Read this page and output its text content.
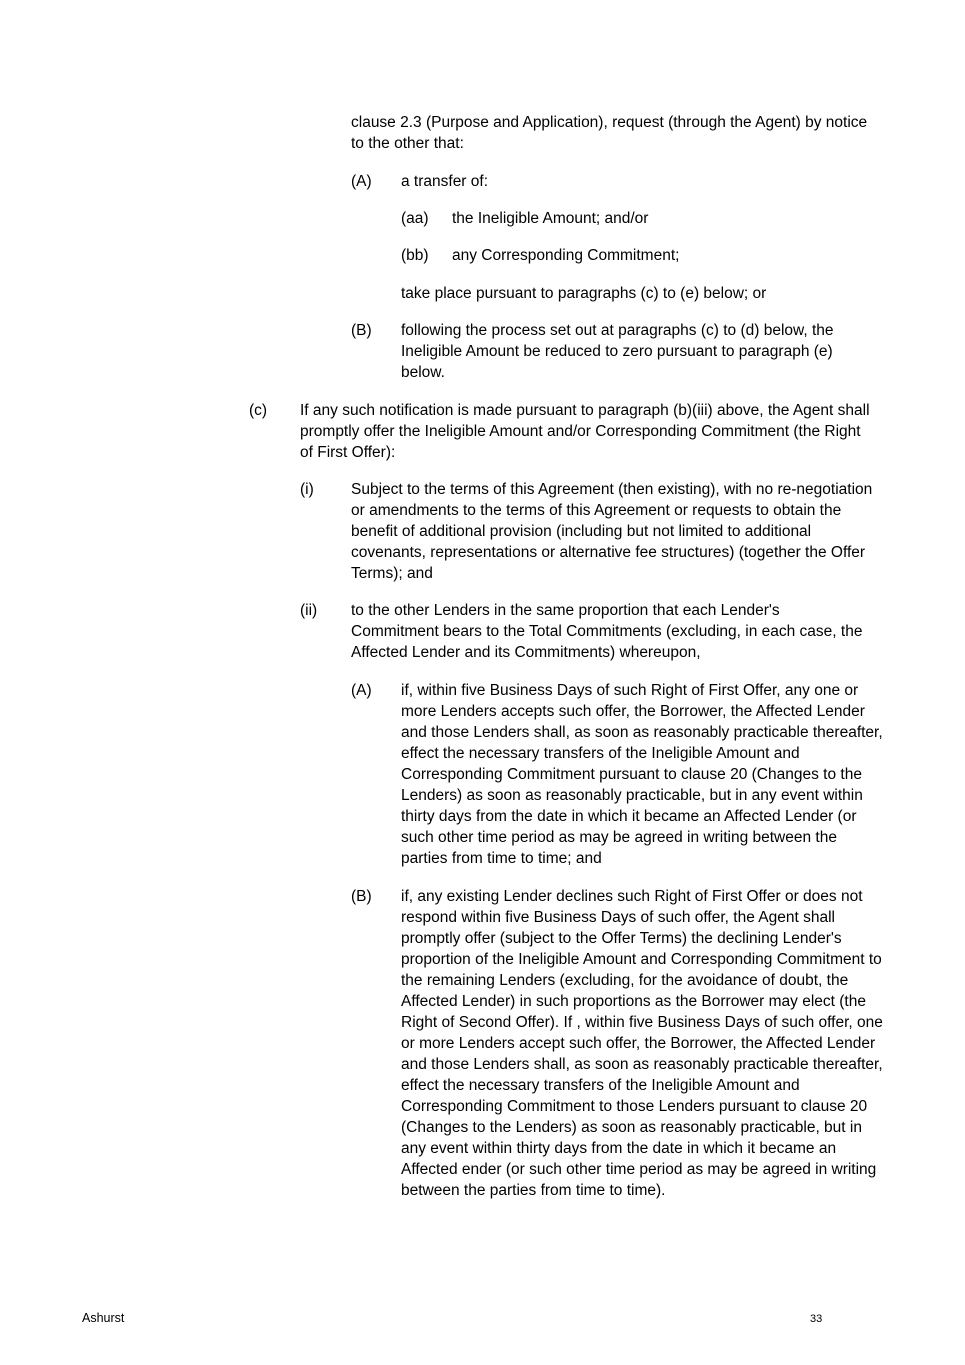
clause 2.3 (Purpose and Application), request (through the Agent) by notice to the other that:

(A) a transfer of:

(aa) the Ineligible Amount; and/or

(bb) any Corresponding Commitment;

take place pursuant to paragraphs (c) to (e) below; or

(B) following the process set out at paragraphs (c) to (d) below, the Ineligible Amount be reduced to zero pursuant to paragraph (e) below.

(c) If any such notification is made pursuant to paragraph (b)(iii) above, the Agent shall promptly offer the Ineligible Amount and/or Corresponding Commitment (the Right of First Offer):

(i) Subject to the terms of this Agreement (then existing), with no re-negotiation or amendments to the terms of this Agreement or requests to obtain the benefit of additional provision (including but not limited to additional covenants, representations or alternative fee structures) (together the Offer Terms); and

(ii) to the other Lenders in the same proportion that each Lender's Commitment bears to the Total Commitments (excluding, in each case, the Affected Lender and its Commitments) whereupon,

(A) if, within five Business Days of such Right of First Offer, any one or more Lenders accepts such offer, the Borrower, the Affected Lender and those Lenders shall, as soon as reasonably practicable thereafter, effect the necessary transfers of the Ineligible Amount and Corresponding Commitment pursuant to clause 20 (Changes to the Lenders) as soon as reasonably practicable, but in any event within thirty days from the date in which it became an Affected Lender (or such other time period as may be agreed in writing between the parties from time to time; and

(B) if, any existing Lender declines such Right of First Offer or does not respond within five Business Days of such offer, the Agent shall promptly offer (subject to the Offer Terms) the declining Lender's proportion of the Ineligible Amount and Corresponding Commitment to the remaining Lenders (excluding, for the avoidance of doubt, the Affected Lender) in such proportions as the Borrower may elect (the Right of Second Offer). If , within five Business Days of such offer, one or more Lenders accept such offer, the Borrower, the Affected Lender and those Lenders shall, as soon as reasonably practicable thereafter, effect the necessary transfers of the Ineligible Amount and Corresponding Commitment to those Lenders pursuant to clause 20 (Changes to the Lenders) as soon as reasonably practicable, but in any event within thirty days from the date in which it became an Affected ender (or such other time period as may be agreed in writing between the parties from time to time).

Ashurst	33
